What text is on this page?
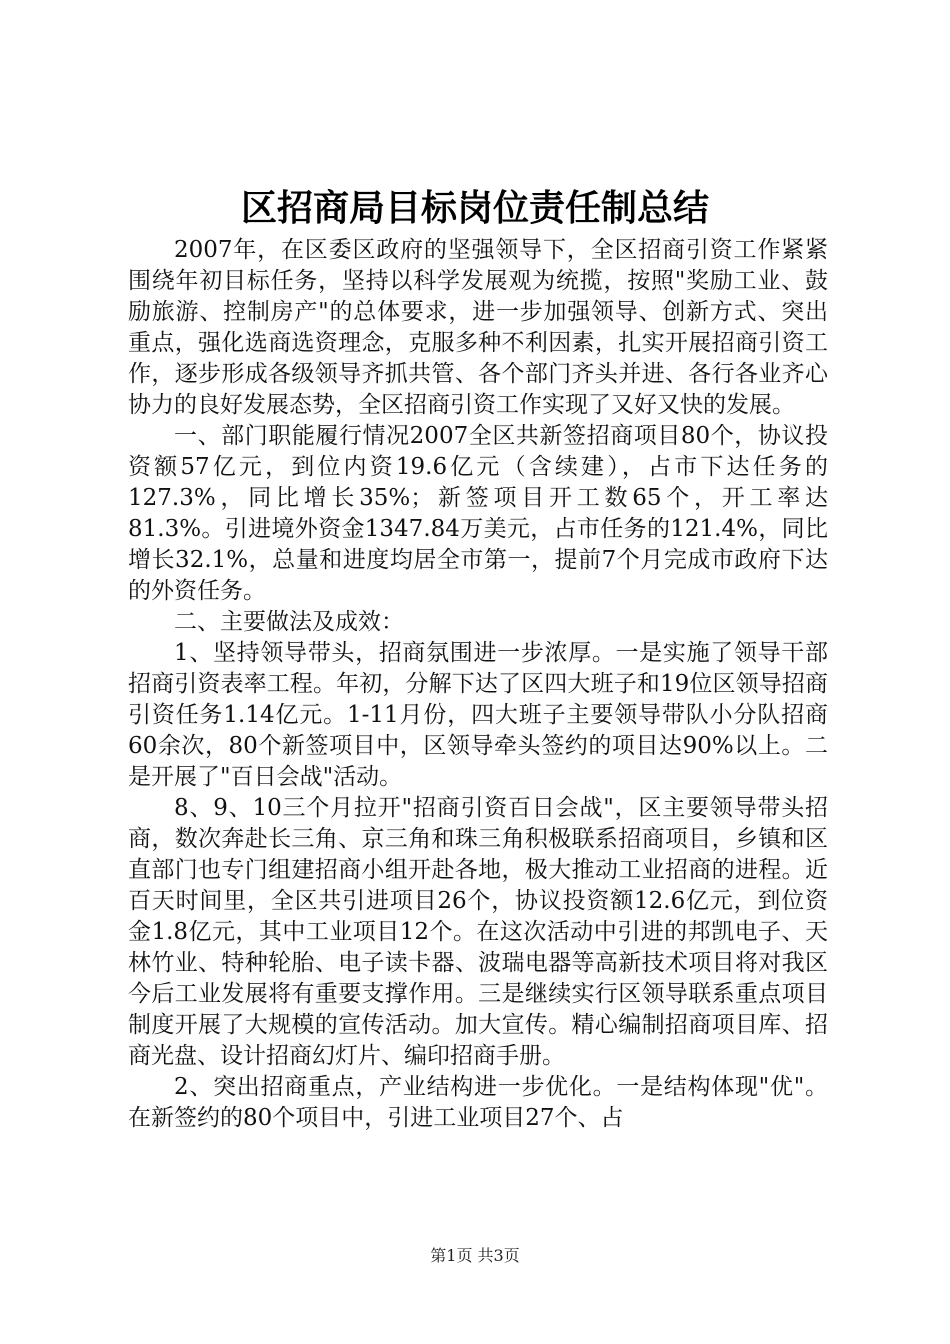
区招商局目标岗位责任制总结

2007年，在区委区政府的坚强领导下，全区招商引资工作紧紧围绕年初目标任务，坚持以科学发展观为统揽，按照"奖励工业、鼓励旅游、控制房产"的总体要求，进一步加强领导、创新方式、突出重点，强化选商选资理念，克服多种不利因素，扎实开展招商引资工作，逐步形成各级领导齐抓共管、各个部门齐头并进、各行各业齐心协力的良好发展态势，全区招商引资工作实现了又好又快的发展。

一、部门职能履行情况2007全区共新签招商项目80个，协议投资额57亿元，到位内资19.6亿元（含续建），占市下达任务的127.3%，同比增长35%；新签项目开工数65个，开工率达81.3%。引进境外资金1347.84万美元，占市任务的121.4%，同比增长32.1%，总量和进度均居全市第一，提前7个月完成市政府下达的外资任务。

二、主要做法及成效：

1、坚持领导带头，招商氛围进一步浓厚。一是实施了领导干部招商引资表率工程。年初，分解下达了区四大班子和19位区领导招商引资任务1.14亿元。1-11月份，四大班子主要领导带队小分队招商60余次，80个新签项目中，区领导牵头签约的项目达90%以上。二是开展了"百日会战"活动。

8、9、10三个月拉开"招商引资百日会战"，区主要领导带头招商，数次奔赴长三角、京三角和珠三角积极联系招商项目，乡镇和区直部门也专门组建招商小组开赴各地，极大推动工业招商的进程。近百天时间里，全区共引进项目26个，协议投资额12.6亿元，到位资金1.8亿元，其中工业项目12个。在这次活动中引进的邦凯电子、天林竹业、特种轮胎、电子读卡器、波瑞电器等高新技术项目将对我区今后工业发展将有重要支撑作用。三是继续实行区领导联系重点项目制度开展了大规模的宣传活动。加大宣传。精心编制招商项目库、招商光盘、设计招商幻灯片、编印招商手册。

2、突出招商重点，产业结构进一步优化。一是结构体现"优"。在新签约的80个项目中，引进工业项目27个、占

第1页 共3页
